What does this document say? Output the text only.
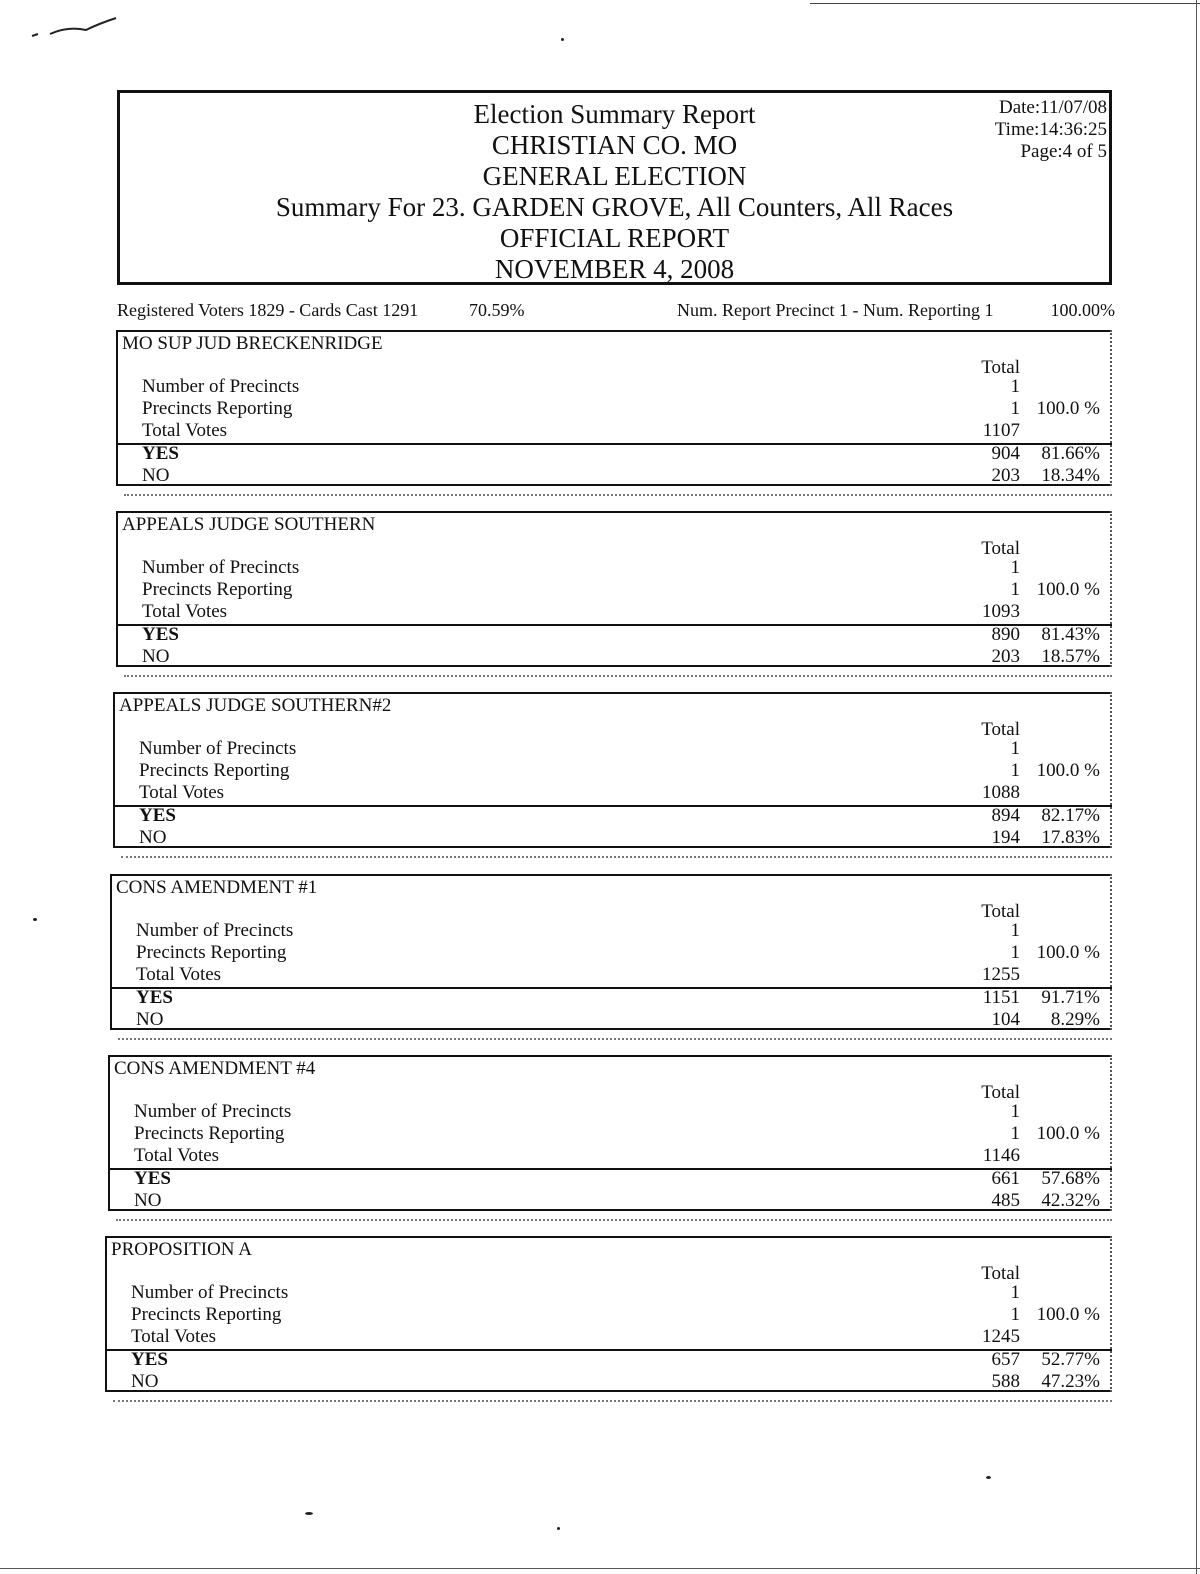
Election Summary Report
CHRISTIAN CO. MO
GENERAL ELECTION
Summary For 23. GARDEN GROVE, All Counters, All Races
OFFICIAL REPORT
NOVEMBER 4, 2008
Date:11/07/08
Time:14:36:25
Page:4 of 5
Registered Voters 1829 - Cards Cast 1291	70.59%	Num. Report Precinct 1 - Num. Reporting 1	100.00%
MO SUP JUD BRECKENRIDGE
Total
Number of Precincts	1
Precincts Reporting	1 100.0 %
Total Votes	1107
YES	904 81.66%
NO	203 18.34%
APPEALS JUDGE SOUTHERN
Total
Number of Precincts	1
Precincts Reporting	1 100.0 %
Total Votes	1093
YES	890 81.43%
NO	203 18.57%
APPEALS JUDGE SOUTHERN#2
Total
Number of Precincts	1
Precincts Reporting	1 100.0 %
Total Votes	1088
YES	894 82.17%
NO	194 17.83%
CONS AMENDMENT #1
Total
Number of Precincts	1
Precincts Reporting	1 100.0 %
Total Votes	1255
YES	1151 91.71%
NO	104 8.29%
CONS AMENDMENT #4
Total
Number of Precincts	1
Precincts Reporting	1 100.0 %
Total Votes	1146
YES	661 57.68%
NO	485 42.32%
PROPOSITION A
Total
Number of Precincts	1
Precincts Reporting	1 100.0 %
Total Votes	1245
YES	657 52.77%
NO	588 47.23%
